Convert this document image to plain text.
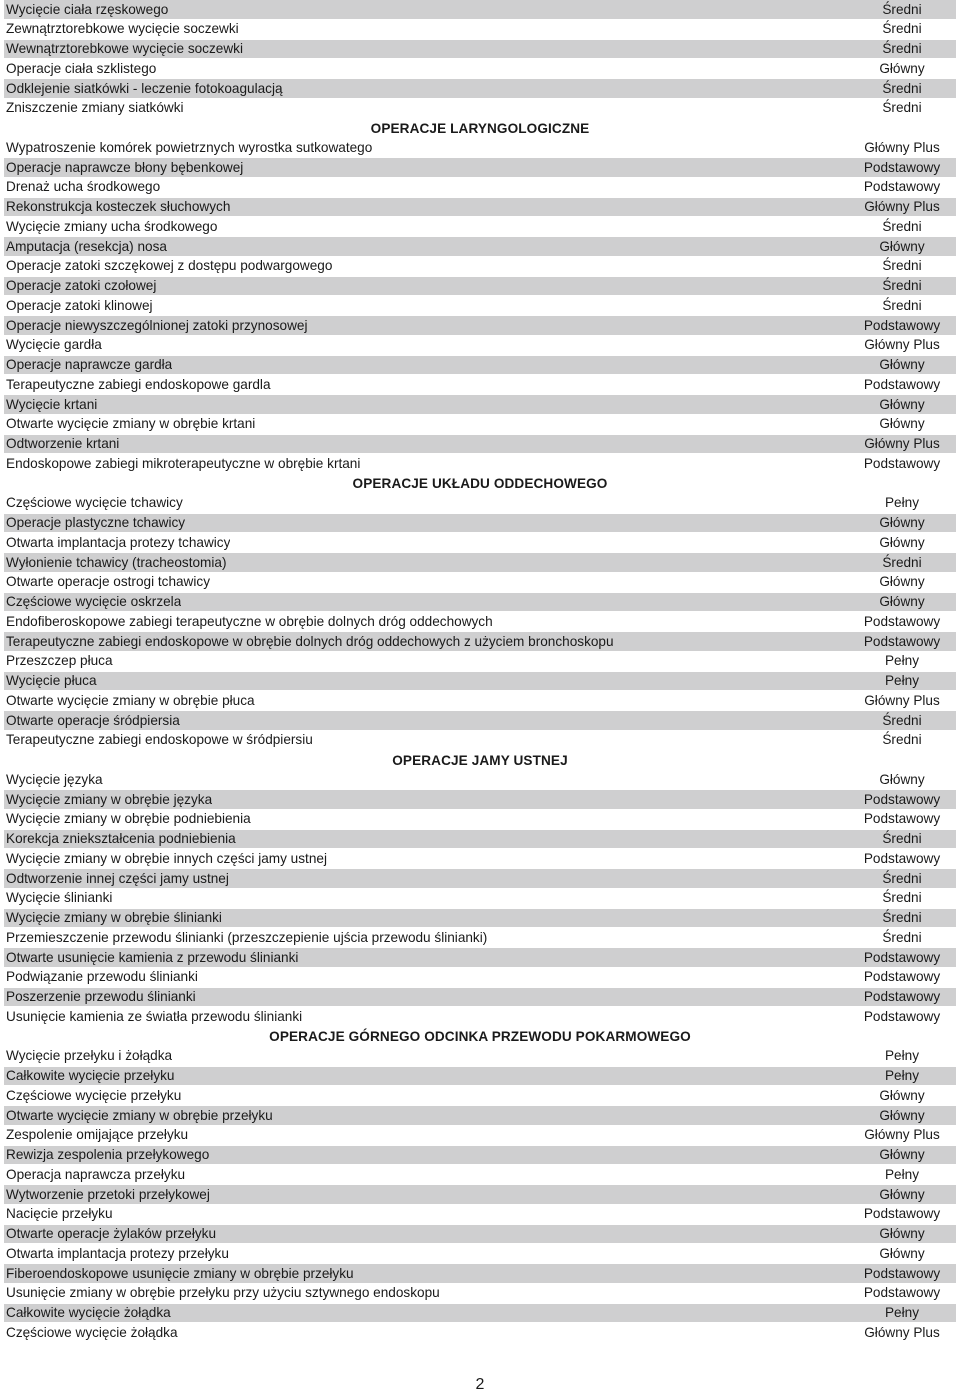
Wycięcie ciała rzęskowego	Średni
Zewnątrztorebkowe wycięcie soczewki	Średni
Wewnątrztorebkowe wycięcie soczewki	Średni
Operacje ciała szklistego	Główny
Odklejenie siatkówki - leczenie fotokoagulacją	Średni
Zniszczenie zmiany siatkówki	Średni
OPERACJE LARYNGOLOGICZNE
Wypatroszenie komórek powietrznych wyrostka sutkowatego	Główny Plus
Operacje naprawcze błony bębenkowej	Podstawowy
Drenaż ucha środkowego	Podstawowy
Rekonstrukcja kosteczek słuchowych	Główny Plus
Wycięcie zmiany ucha środkowego	Średni
Amputacja (resekcja) nosa	Główny
Operacje zatoki szczękowej z dostępu podwargowego	Średni
Operacje zatoki czołowej	Średni
Operacje zatoki klinowej	Średni
Operacje niewyszczególnionej zatoki przynosowej	Podstawowy
Wycięcie gardła	Główny Plus
Operacje naprawcze gardła	Główny
Terapeutyczne zabiegi endoskopowe gardla	Podstawowy
Wycięcie krtani	Główny
Otwarte wycięcie zmiany w obrębie krtani	Główny
Odtworzenie krtani	Główny Plus
Endoskopowe zabiegi mikroterapeutyczne w obrębie krtani	Podstawowy
OPERACJE UKŁADU ODDECHOWEGO
Częściowe wycięcie tchawicy	Pełny
Operacje plastyczne tchawicy	Główny
Otwarta implantacja protezy tchawicy	Główny
Wyłonienie tchawicy (tracheostomia)	Średni
Otwarte operacje ostrogi tchawicy	Główny
Częściowe wycięcie oskrzela	Główny
Endofiberoskopowe zabiegi terapeutyczne w obrębie dolnych dróg oddechowych	Podstawowy
Terapeutyczne zabiegi endoskopowe w obrębie dolnych dróg oddechowych z użyciem bronchoskopu	Podstawowy
Przeszczep płuca	Pełny
Wycięcie płuca	Pełny
Otwarte wycięcie zmiany w obrębie płuca	Główny Plus
Otwarte operacje śródpiersia	Średni
Terapeutyczne zabiegi endoskopowe w śródpiersiu	Średni
OPERACJE JAMY USTNEJ
Wycięcie języka	Główny
Wycięcie zmiany w obrębie języka	Podstawowy
Wycięcie zmiany w obrębie podniebienia	Podstawowy
Korekcja zniekształcenia podniebienia	Średni
Wycięcie zmiany w obrębie innych części jamy ustnej	Podstawowy
Odtworzenie innej części jamy ustnej	Średni
Wycięcie ślinianki	Średni
Wycięcie zmiany w obrębie ślinianki	Średni
Przemieszczenie przewodu ślinianki (przeszczepienie ujścia przewodu ślinianki)	Średni
Otwarte usunięcie kamienia z przewodu ślinianki	Podstawowy
Podwiązanie przewodu ślinianki	Podstawowy
Poszerzenie przewodu ślinianki	Podstawowy
Usunięcie kamienia ze światła przewodu ślinianki	Podstawowy
OPERACJE GÓRNEGO ODCINKA PRZEWODU POKARMOWEGO
Wycięcie przełyku i żołądka	Pełny
Całkowite wycięcie przełyku	Pełny
Częściowe wycięcie przełyku	Główny
Otwarte wycięcie zmiany w obrębie przełyku	Główny
Zespolenie omijające przełyku	Główny Plus
Rewizja zespolenia przełykowego	Główny
Operacja naprawcza przełyku	Pełny
Wytworzenie przetoki przełykowej	Główny
Nacięcie przełyku	Podstawowy
Otwarte operacje żylaków przełyku	Główny
Otwarta implantacja protezy przełyku	Główny
Fiberoendoskopowe usunięcie zmiany w obrębie przełyku	Podstawowy
Usunięcie zmiany w obrębie przełyku przy użyciu sztywnego endoskopu	Podstawowy
Całkowite wycięcie żołądka	Pełny
Częściowe wycięcie żołądka	Główny Plus
2
